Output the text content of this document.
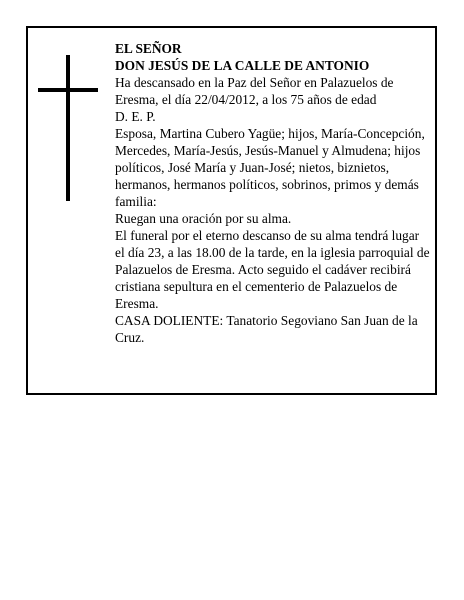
EL SEÑOR

DON JESÚS DE LA CALLE DE ANTONIO

Ha descansado en la Paz del Señor en Palazuelos de Eresma, el día 22/04/2012, a los 75 años de edad

D. E. P.

Esposa, Martina Cubero Yagüe; hijos, María-Concepción, Mercedes, María-Jesús, Jesús-Manuel y Almudena; hijos políticos, José María y Juan-José; nietos, biznietos, hermanos, hermanos políticos, sobrinos, primos y demás familia:

Ruegan una oración por su alma.

El funeral por el eterno descanso de su alma tendrá lugar el día 23, a las 18.00 de la tarde, en la iglesia parroquial de Palazuelos de Eresma. Acto seguido el cadáver recibirá cristiana sepultura en el cementerio de Palazuelos de Eresma.

CASA DOLIENTE: Tanatorio Segoviano San Juan de la Cruz.
